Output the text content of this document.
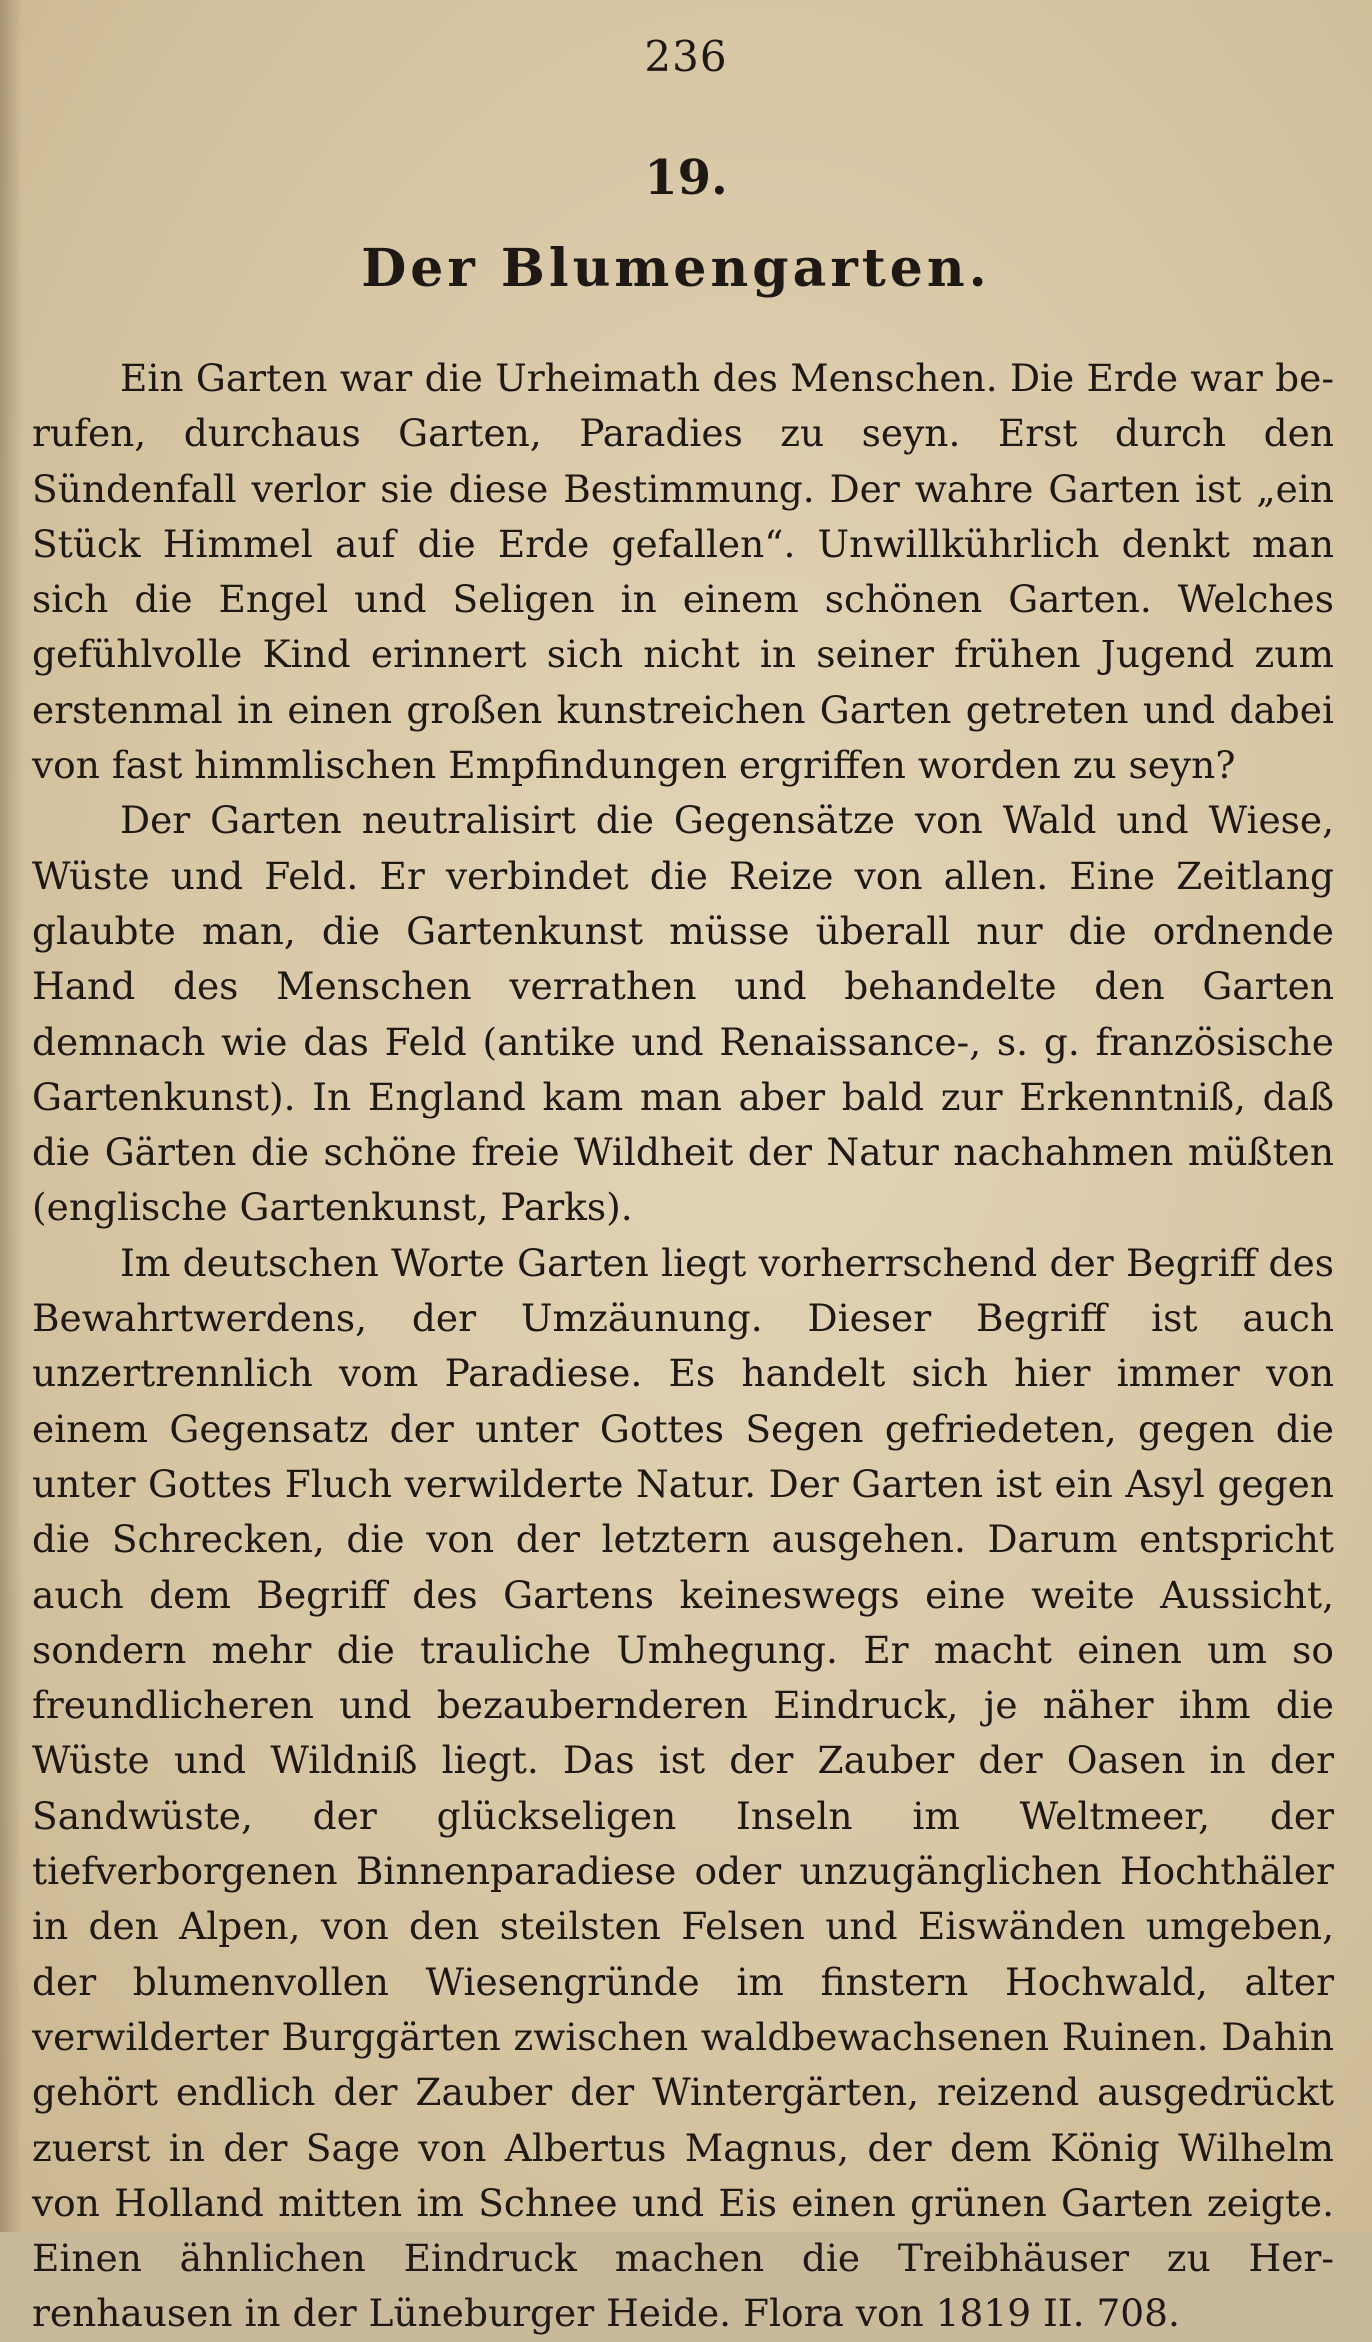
236
19.
Der Blumengarten.

Ein Garten war die Urheimath des Menschen. Die Erde war berufen, durchaus Garten, Paradies zu seyn. Erst durch den Sündenfall verlor sie diese Bestimmung. Der wahre Garten ist „ein Stück Himmel auf die Erde gefallen“. Unwillkührlich denkt man sich die Engel und Seligen in einem schönen Garten. Welches gefühlvolle Kind erinnert sich nicht in seiner frühen Jugend zum erstenmal in einen großen kunstreichen Garten getreten und dabei von fast himmlischen Empfindungen ergriffen worden zu seyn?

Der Garten neutralisirt die Gegensätze von Wald und Wiese, Wüste und Feld. Er verbindet die Reize von allen. Eine Zeitlang glaubte man, die Gartenkunst müsse überall nur die ordnende Hand des Menschen verrathen und behandelte den Garten demnach wie das Feld (antike und Renaissance-, s. g. französische Gartenkunst). In England kam man aber bald zur Erkenntniß, daß die Gärten die schöne freie Wildheit der Natur nachahmen müßten (englische Gartenkunst, Parks).

Im deutschen Worte Garten liegt vorherrschend der Begriff des Bewahrtwerdens, der Umzäunung. Dieser Begriff ist auch unzertrennlich vom Paradiese. Es handelt sich hier immer von einem Gegensatz der unter Gottes Segen gefriedeten, gegen die unter Gottes Fluch verwilderte Natur. Der Garten ist ein Asyl gegen die Schrecken, die von der letztern ausgehen. Darum entspricht auch dem Begriff des Gartens keineswegs eine weite Aussicht, sondern mehr die trauliche Umhegung. Er macht einen um so freundlicheren und bezaubernderen Eindruck, je näher ihm die Wüste und Wildniß liegt. Das ist der Zauber der Oasen in der Sandwüste, der glückseligen Inseln im Weltmeer, der tiefverborgenen Binnenparadiese oder unzugänglichen Hochthäler in den Alpen, von den steilsten Felsen und Eiswänden umgeben, der blumenvollen Wiesengründe im finstern Hochwald, alter verwilderter Burggärten zwischen waldbewachsenen Ruinen. Dahin gehört endlich der Zauber der Wintergärten, reizend ausgedrückt zuerst in der Sage von Albertus Magnus, der dem König Wilhelm von Holland mitten im Schnee und Eis einen grünen Garten zeigte. Einen ähnlichen Eindruck machen die Treibhäuser zu Herrenhausen in der Lüneburger Heide. Flora von 1819 II. 708.
